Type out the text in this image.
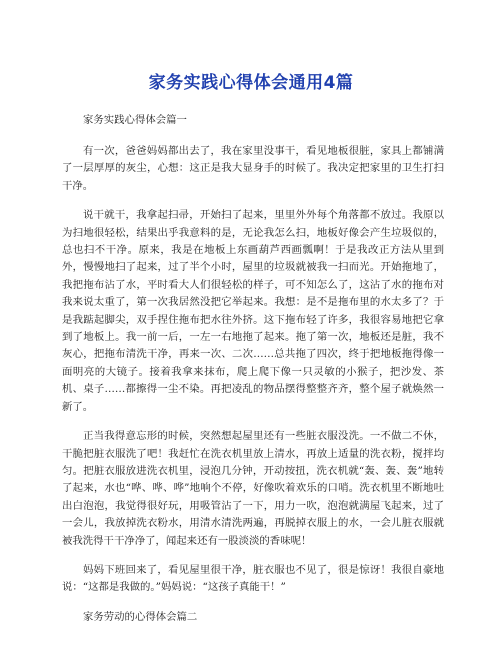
家务实践心得体会通用4篇

家务实践心得体会篇一

有一次，爸爸妈妈都出去了，我在家里没事干，看见地板很脏，家具上都铺满了一层厚厚的灰尘，心想：这正是我大显身手的时候了。我决定把家里的卫生打扫干净。

说干就干，我拿起扫帚，开始扫了起来，里里外外每个角落都不放过。我原以为扫地很轻松，结果出乎我意料的是，无论我怎么扫，地板好像会产生垃圾似的，总也扫不干净。原来，我是在地板上东画葫芦西画瓢啊！于是我改正方法从里到外，慢慢地扫了起来，过了半个小时，屋里的垃圾就被我一扫而光。开始拖地了，我把拖布沾了水，平时看大人们很轻松的样子，可不知怎么了，这沾了水的拖布对我来说太重了，第一次我居然没把它举起来。我想：是不是拖布里的水太多了？于是我踮起脚尖，双手捏住拖布把水往外挤。这下拖布轻了许多，我很容易地把它拿到了地板上。我一前一后，一左一右地拖了起来。拖了第一次，地板还是脏，我不灰心，把拖布清洗干净，再来一次、二次……总共拖了四次，终于把地板拖得像一面明亮的大镜子。接着我拿来抹布，爬上爬下像一只灵敏的小猴子，把沙发、茶机、桌子……都擦得一尘不染。再把凌乱的物品摆得整整齐齐，整个屋子就焕然一新了。

正当我得意忘形的时候，突然想起屋里还有一些脏衣服没洗。一不做二不休，干脆把脏衣服洗了吧！我赶忙在洗衣机里放上清水，再放上适量的洗衣粉，搅拌均匀。把脏衣服放进洗衣机里，浸泡几分钟，开动按扭，洗衣机就“轰、轰、轰”地转了起来，水也“哗、哗、哗”地响个不停，好像吹着欢乐的口哨。洗衣机里不断地吐出白泡泡，我觉得很好玩，用吸管沾了一下，用力一吹，泡泡就满屋飞起来，过了一会儿，我放掉洗衣粉水，用清水清洗两遍，再脱掉衣服上的水，一会儿脏衣服就被我洗得干干净净了，闻起来还有一股淡淡的香味呢！

妈妈下班回来了，看见屋里很干净，脏衣服也不见了，很是惊讶！我很自豪地说：“这都是我做的。”妈妈说：“这孩子真能干！”

家务劳动的心得体会篇二
